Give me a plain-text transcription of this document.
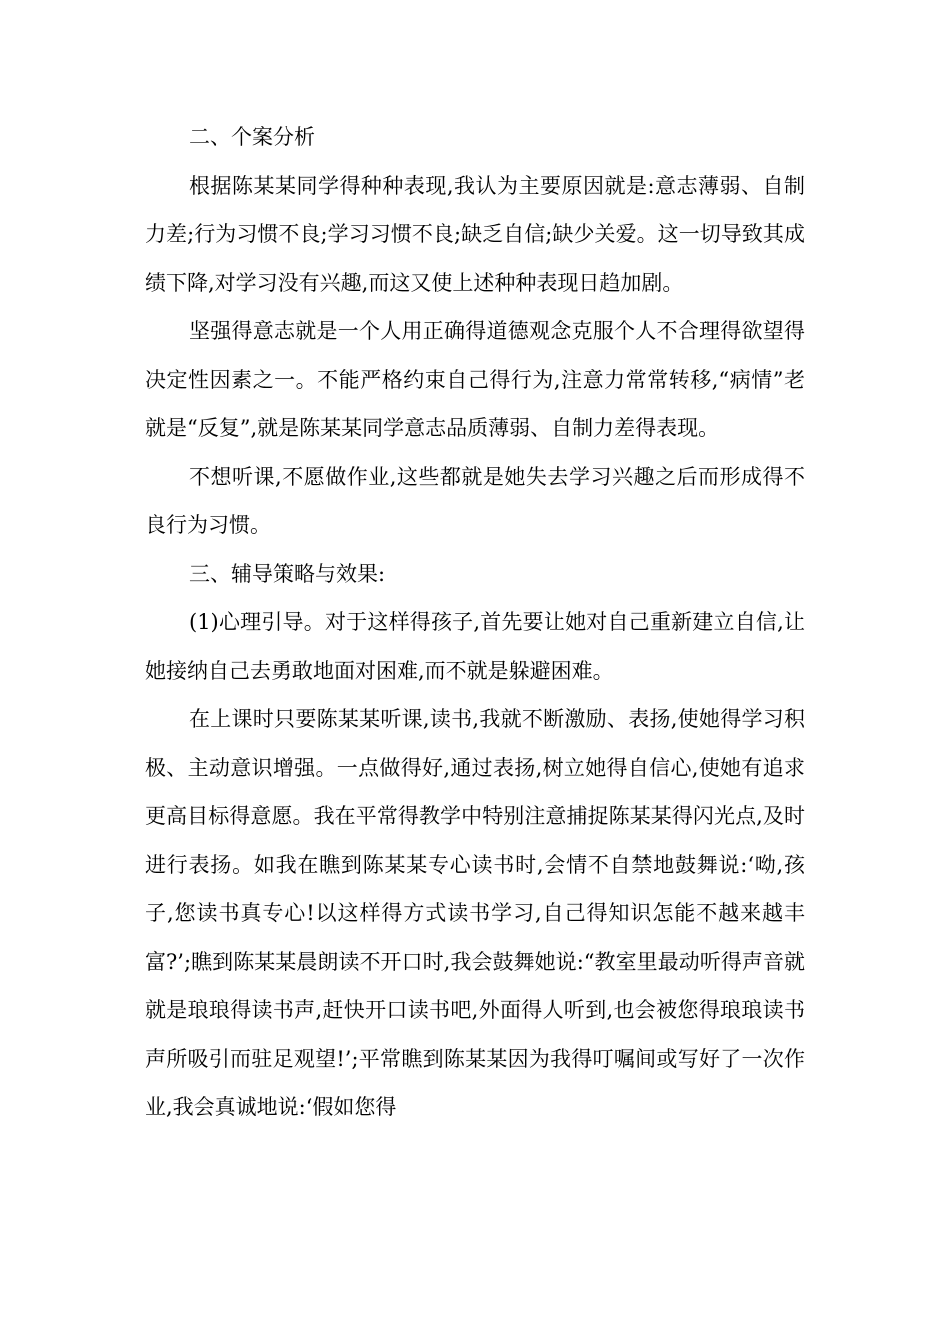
二、个案分析

根据陈某某同学得种种表现,我认为主要原因就是:意志薄弱、自制力差;行为习惯不良;学习习惯不良;缺乏自信;缺少关爱。这一切导致其成绩下降,对学习没有兴趣,而这又使上述种种表现日趋加剧。

坚强得意志就是一个人用正确得道德观念克服个人不合理得欲望得决定性因素之一。不能严格约束自己得行为,注意力常常转移,“病情”老就是“反复”,就是陈某某同学意志品质薄弱、自制力差得表现。

不想听课,不愿做作业,这些都就是她失去学习兴趣之后而形成得不良行为习惯。

三、辅导策略与效果:

(1)心理引导。对于这样得孩子,首先要让她对自己重新建立自信,让她接纳自己去勇敢地面对困难,而不就是躲避困难。

在上课时只要陈某某听课,读书,我就不断激励、表扬,使她得学习积极、主动意识增强。一点做得好,通过表扬,树立她得自信心,使她有追求更高目标得意愿。我在平常得教学中特别注意捕捉陈某某得闪光点,及时进行表扬。如我在瞧到陈某某专心读书时,会情不自禁地鼓舞说:‘呦,孩子,您读书真专心!以这样得方式读书学习,自己得知识怎能不越来越丰富?’;瞧到陈某某晨朗读不开口时,我会鼓舞她说:“教室里最动听得声音就就是琅琅得读书声,赶快开口读书吧,外面得人听到,也会被您得琅琅读书声所吸引而驻足观望!’;平常瞧到陈某某因为我得叮嘱间或写好了一次作业,我会真诚地说:‘假如您得
